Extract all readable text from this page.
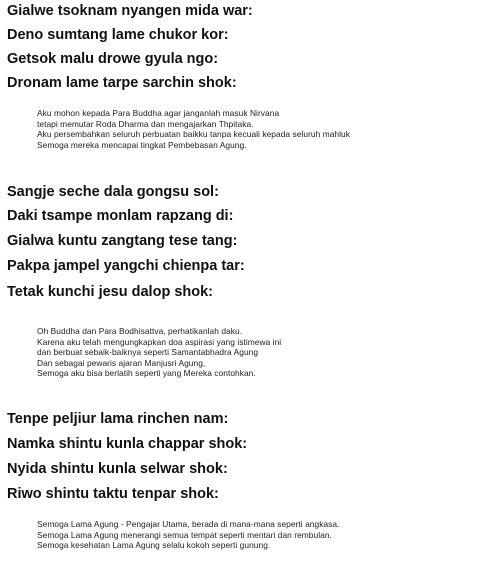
Gialwe tsoknam nyangen mida war:

Deno sumtang lame chukor kor:

Getsok malu drowe gyula ngo:

Dronam lame tarpe sarchin shok:

Aku mohon kepada Para Buddha agar janganlah masuk Nirvana
tetapi memutar Roda Dharma dan mengajarkan Thpitaka.
Aku persembahkan seluruh perbuatan baikku tanpa kecuali kepada seluruh mahluk
Semoga mereka mencapai tingkat Pembebasan Agung.

Sangje seche dala gongsu sol:

Daki tsampe monlam rapzang di:

Gialwa kuntu zangtang tese tang:

Pakpa jampel yangchi chienpa tar:

Tetak kunchi jesu dalop shok:

Oh Buddha dan Para Bodhisattva, perhatikanlah daku.
Karena aku telah mengungkapkan doa aspirasi yang istimewa ini
dan berbuat sebaik-baiknya seperti Samantabhadra Agung
Dan sebagai pewaris ajaran Manjusri Agung,
Semoga aku bisa berlatih seperti yang Mereka contohkan.

Tenpe peljiur lama rinchen nam:

Namka shintu kunla chappar shok:

Nyida shintu kunla selwar shok:

Riwo shintu taktu tenpar shok:

Semoga Lama Agung - Pengajar Utama, berada di mana-mana seperti angkasa.
Semoga Lama Agung menerangi semua tempat seperti mentari dan rembulan.
Semoga kesehatan Lama Agung selalu kokoh seperti gunung.
